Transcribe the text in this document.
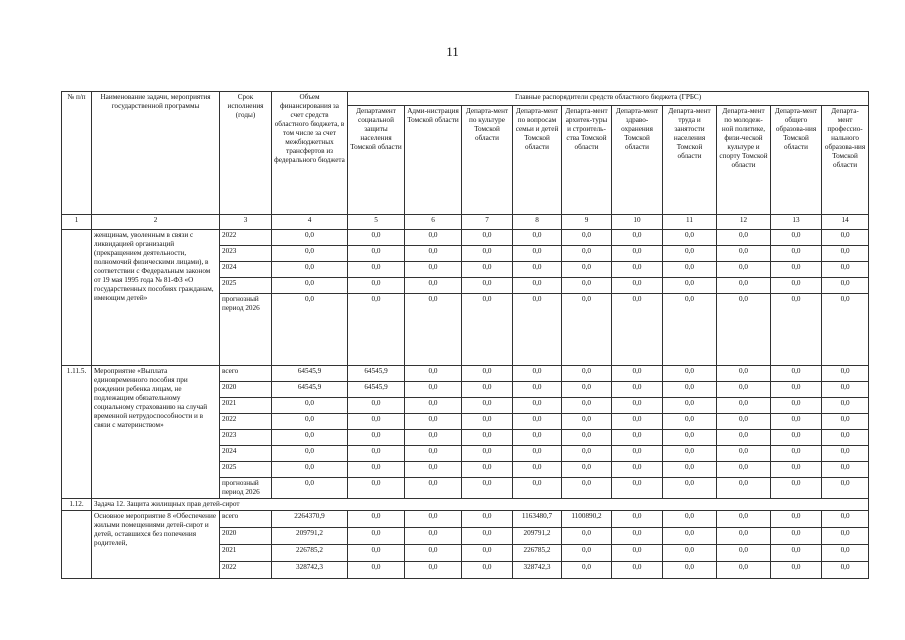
11
№ п/п	Наименование задачи, мероприятия государственной программы	Срок исполнения (годы)	Объем финансирования за счет средств областного бюджета, в том числе за счет межбюджетных трансфертов из федерального бюджета	Главные распорядители средств областного бюджета (ГРБС)									
				Департамент социальной защиты населения Томской области	Адми-нистрация Томской области	Департа-мент по культуре Томской области	Департа-мент по вопросам семьи и детей Томской области	Департа-мент архитек-туры и строитель-ства Томской области	Департа-мент здраво-охранения Томской области	Департа-мент труда и занятости населения Томской области	Департа-мент по молодеж-ной политике, физи-ческой культуре и спорту Томской области	Департа-мент общего образова-ния Томской области	Департа-мент профессио-нального образова-ния Томской области
1	2	3	4	5	6	7	8	9	10	11	12	13	14
	женщинам, уволенным в связи с ликвидацией организаций (прекращением деятельности, полномочий физическими лицами), в соответствии с Федеральным законом от 19 мая 1995 года № 81-ФЗ «О государственных пособиях гражданам, имеющим детей»	2022	0,0	0,0	0,0	0,0	0,0	0,0	0,0	0,0	0,0	0,0	0,0
		2023	0,0	0,0	0,0	0,0	0,0	0,0	0,0	0,0	0,0	0,0	0,0
		2024	0,0	0,0	0,0	0,0	0,0	0,0	0,0	0,0	0,0	0,0	0,0
		2025	0,0	0,0	0,0	0,0	0,0	0,0	0,0	0,0	0,0	0,0	0,0
		прогнозный период 2026	0,0	0,0	0,0	0,0	0,0	0,0	0,0	0,0	0,0	0,0	0,0
1.11.5.	Мероприятие «Выплата единовременного пособия при рождении ребенка лицам, не подлежащим обязательному социальному страхованию на случай временной нетрудоспособности и в связи с материнством»	всего	64545,9	64545,9	0,0	0,0	0,0	0,0	0,0	0,0	0,0	0,0	0,0
		2020	64545,9	64545,9	0,0	0,0	0,0	0,0	0,0	0,0	0,0	0,0	0,0
		2021	0,0	0,0	0,0	0,0	0,0	0,0	0,0	0,0	0,0	0,0	0,0
		2022	0,0	0,0	0,0	0,0	0,0	0,0	0,0	0,0	0,0	0,0	0,0
		2023	0,0	0,0	0,0	0,0	0,0	0,0	0,0	0,0	0,0	0,0	0,0
		2024	0,0	0,0	0,0	0,0	0,0	0,0	0,0	0,0	0,0	0,0	0,0
		2025	0,0	0,0	0,0	0,0	0,0	0,0	0,0	0,0	0,0	0,0	0,0
		прогнозный период 2026	0,0	0,0	0,0	0,0	0,0	0,0	0,0	0,0	0,0	0,0	0,0
1.12.	Задача 12. Защита жилищных прав детей-сирот												
	Основное мероприятие 8 «Обеспечение жилыми помещениями детей-сирот и детей, оставшихся без попечения родителей,	всего	2264370,9	0,0	0,0	0,0	1163480,7	1100890,2	0,0	0,0	0,0	0,0	0,0
		2020	209791,2	0,0	0,0	0,0	209791,2	0,0	0,0	0,0	0,0	0,0	0,0
		2021	226785,2	0,0	0,0	0,0	226785,2	0,0	0,0	0,0	0,0	0,0	0,0
		2022	328742,3	0,0	0,0	0,0	328742,3	0,0	0,0	0,0	0,0	0,0	0,0
